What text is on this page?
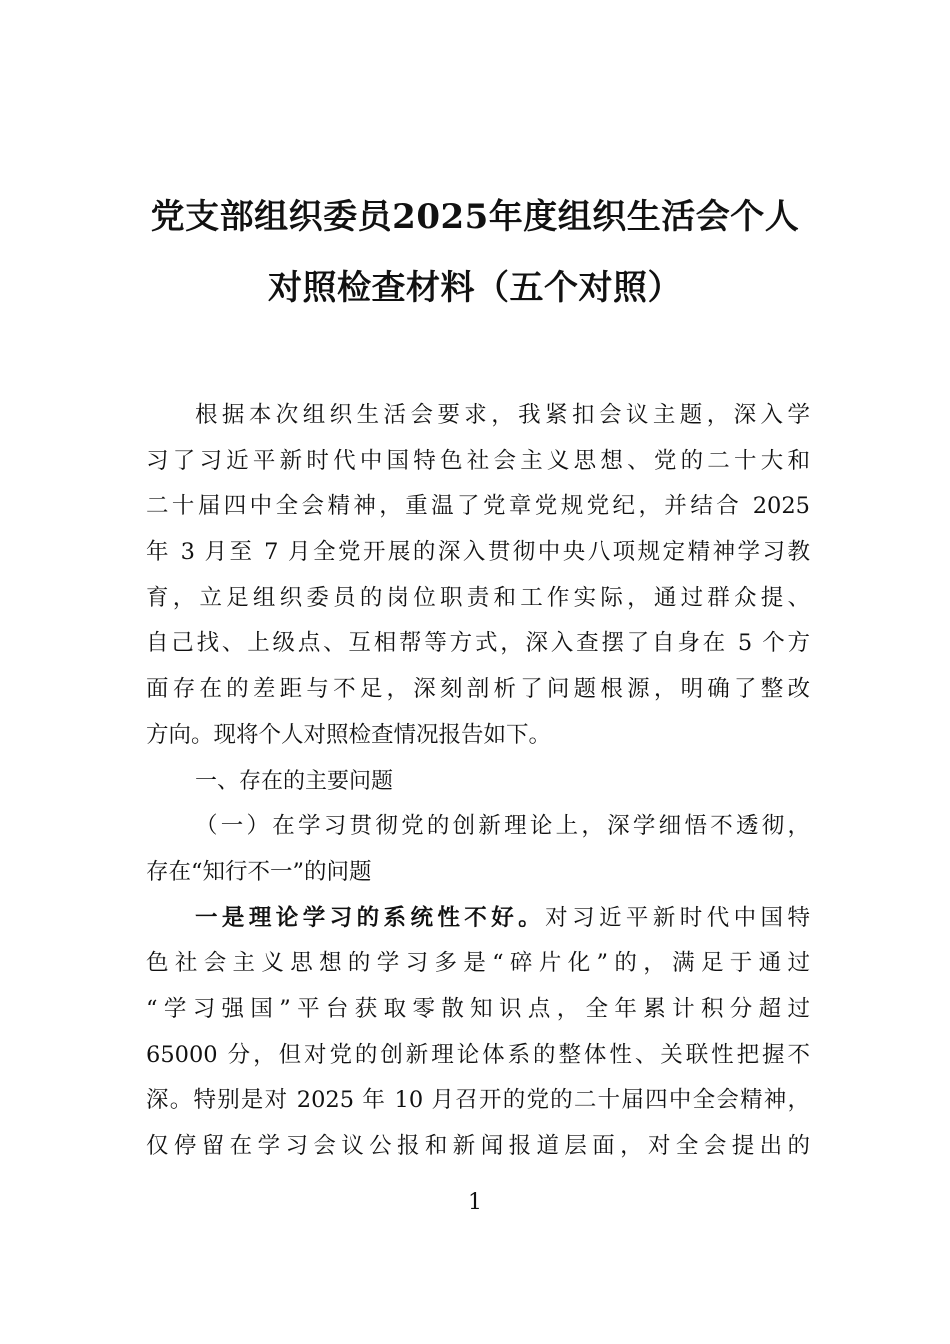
党支部组织委员2025年度组织生活会个人
对照检查材料（五个对照）
根据本次组织生活会要求，我紧扣会议主题，深入学
习了习近平新时代中国特色社会主义思想、党的二十大和
二十届四中全会精神，重温了党章党规党纪，并结合 2025
年 3 月至 7 月全党开展的深入贯彻中央八项规定精神学习教
育，立足组织委员的岗位职责和工作实际，通过群众提、
自己找、上级点、互相帮等方式，深入查摆了自身在 5 个方
面存在的差距与不足，深刻剖析了问题根源，明确了整改
方向。现将个人对照检查情况报告如下。
一、存在的主要问题
（一）在学习贯彻党的创新理论上，深学细悟不透彻，
存在“知行不一”的问题
一是理论学习的系统性不好。对习近平新时代中国特
色社会主义思想的学习多是“碎片化”的，满足于通过
“学习强国”平台获取零散知识点，全年累计积分超过
65000 分，但对党的创新理论体系的整体性、关联性把握不
深。特别是对 2025 年 10 月召开的党的二十届四中全会精神，
仅停留在学习会议公报和新闻报道层面，对全会提出的
1
